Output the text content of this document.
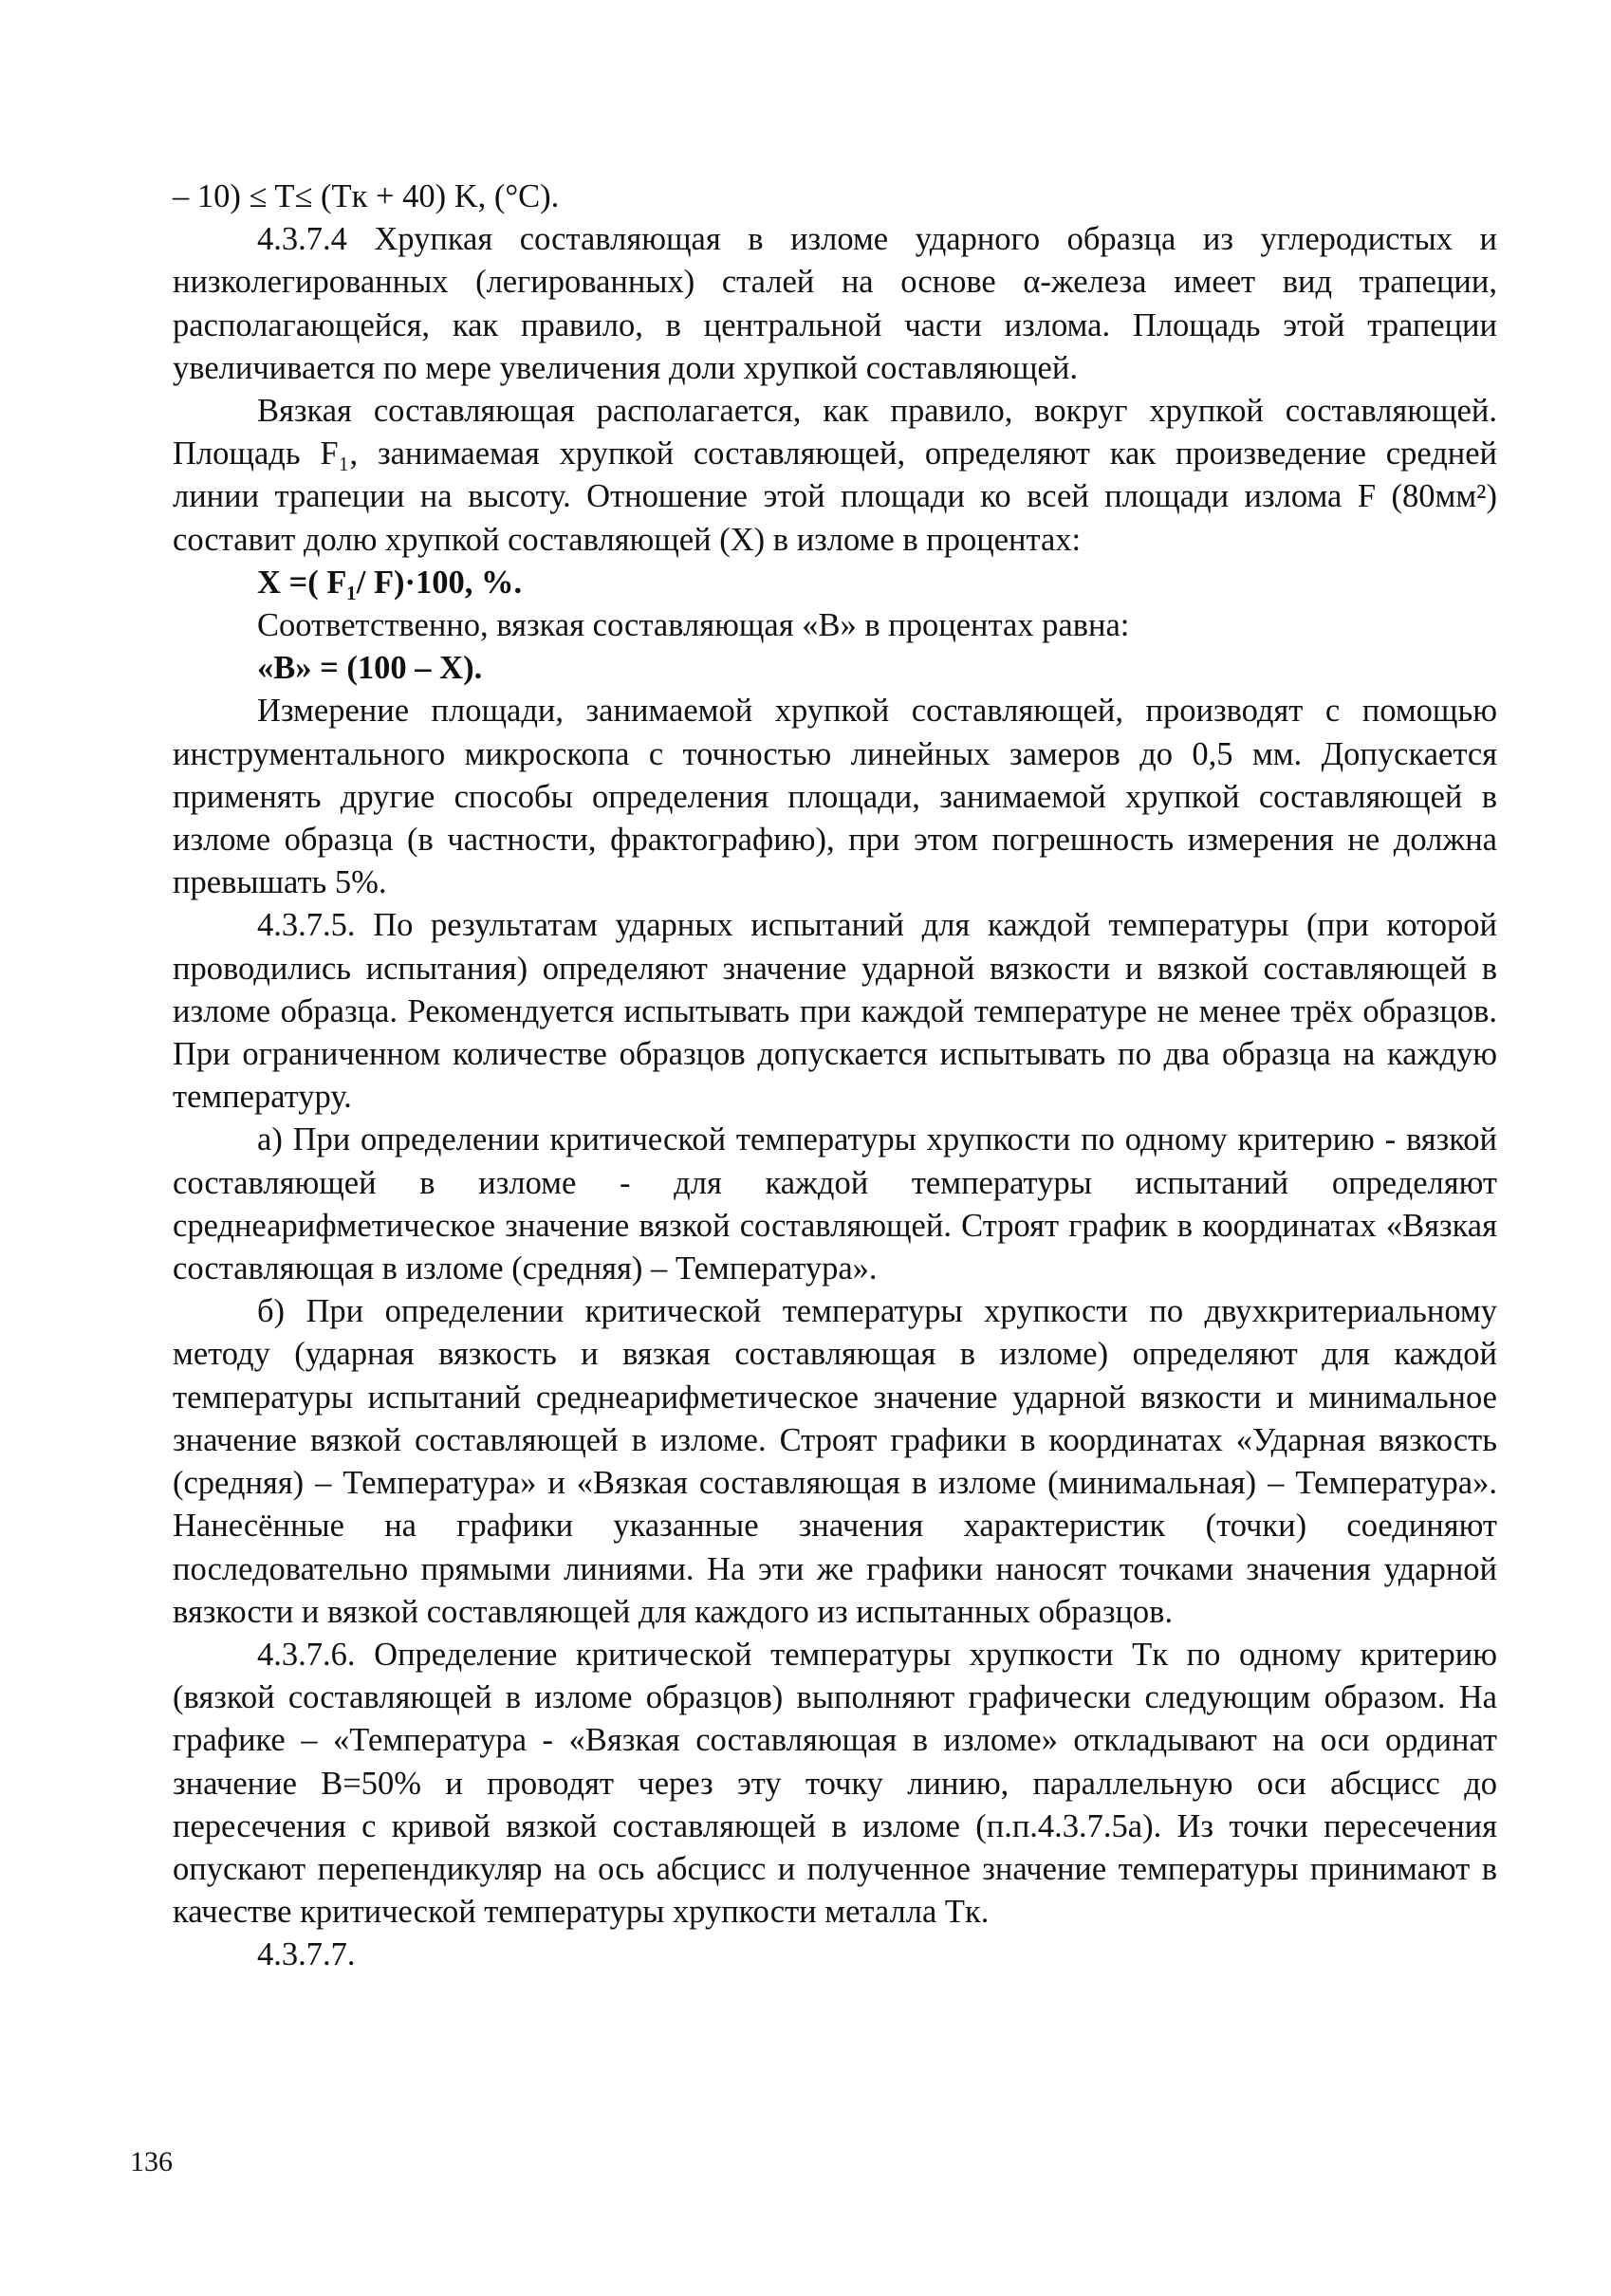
– 10) ≤ T≤ (Tк + 40) K, (°C).

4.3.7.4 Хрупкая составляющая в изломе ударного образца из углеродистых и низколегированных (легированных) сталей на основе α-железа имеет вид трапеции, располагающейся, как правило, в центральной части излома. Площадь этой трапеции увеличивается по мере увеличения доли хрупкой составляющей.

Вязкая составляющая располагается, как правило, вокруг хрупкой составляющей. Площадь F₁, занимаемая хрупкой составляющей, определяют как произведение средней линии трапеции на высоту. Отношение этой площади ко всей площади излома F (80мм²) составит долю хрупкой составляющей (X) в изломе в процентах:

X =( F₁/ F)·100, %.

Соответственно, вязкая составляющая «В» в процентах равна:

«В» = (100 – X).

Измерение площади, занимаемой хрупкой составляющей, производят с помощью инструментального микроскопа с точностью линейных замеров до 0,5 мм. Допускается применять другие способы определения площади, занимаемой хрупкой составляющей в изломе образца (в частности, фрактографию), при этом погрешность измерения не должна превышать 5%.

4.3.7.5. По результатам ударных испытаний для каждой температуры (при которой проводились испытания) определяют значение ударной вязкости и вязкой составляющей в изломе образца. Рекомендуется испытывать при каждой температуре не менее трёх образцов. При ограниченном количестве образцов допускается испытывать по два образца на каждую температуру.

а) При определении критической температуры хрупкости по одному критерию - вязкой составляющей в изломе - для каждой температуры испытаний определяют среднеарифметическое значение вязкой составляющей. Строят график в координатах «Вязкая составляющая в изломе (средняя) – Температура».

б) При определении критической температуры хрупкости по двухкритериальному методу (ударная вязкость и вязкая составляющая в изломе) определяют для каждой температуры испытаний среднеарифметическое значение ударной вязкости и минимальное значение вязкой составляющей в изломе. Строят графики в координатах «Ударная вязкость (средняя) – Температура» и «Вязкая составляющая в изломе (минимальная) – Температура». Нанесённые на графики указанные значения характеристик (точки) соединяют последовательно прямыми линиями. На эти же графики наносят точками значения ударной вязкости и вязкой составляющей для каждого из испытанных образцов.

4.3.7.6. Определение критической температуры хрупкости Tк по одному критерию (вязкой составляющей в изломе образцов) выполняют графически следующим образом. На графике – «Температура - «Вязкая составляющая в изломе» откладывают на оси ординат значение В=50% и проводят через эту точку линию, параллельную оси абсцисс до пересечения с кривой вязкой составляющей в изломе (п.п.4.3.7.5а). Из точки пересечения опускают перепендикуляр на ось абсцисс и полученное значение температуры принимают в качестве критической температуры хрупкости металла Tк.

4.3.7.7.

136
